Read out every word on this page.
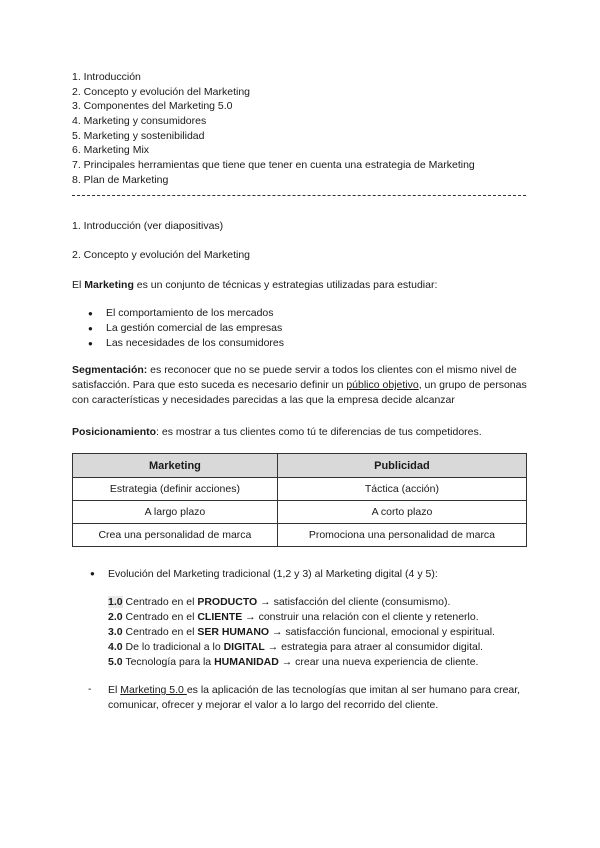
1. Introducción
2. Concepto y evolución del Marketing
3. Componentes del Marketing 5.0
4. Marketing y consumidores
5. Marketing y sostenibilidad
6. Marketing Mix
7. Principales herramientas que tiene que tener en cuenta una estrategia de Marketing
8. Plan de Marketing
1. Introducción (ver diapositivas)
2. Concepto y evolución del Marketing
El Marketing es un conjunto de técnicas y estrategias utilizadas para estudiar:
● El comportamiento de los mercados
● La gestión comercial de las empresas
● Las necesidades de los consumidores
Segmentación: es reconocer que no se puede servir a todos los clientes con el mismo nivel de satisfacción. Para que esto suceda es necesario definir un público objetivo, un grupo de personas con características y necesidades parecidas a las que la empresa decide alcanzar
Posicionamiento: es mostrar a tus clientes como tú te diferencias de tus competidores.
Marketing	Publicidad
Estrategia (definir acciones)	Táctica (acción)
A largo plazo	A corto plazo
Crea una personalidad de marca	Promociona una personalidad de marca
● Evolución del Marketing tradicional (1,2 y 3) al Marketing digital (4 y 5):
1.0 Centrado en el PRODUCTO → satisfacción del cliente (consumismo).
2.0 Centrado en el CLIENTE → construir una relación con el cliente y retenerlo.
3.0 Centrado en el SER HUMANO → satisfacción funcional, emocional y espiritual.
4.0 De lo tradicional a lo DIGITAL → estrategia para atraer al consumidor digital.
5.0 Tecnología para la HUMANIDAD → crear una nueva experiencia de cliente.
- El Marketing 5.0 es la aplicación de las tecnologías que imitan al ser humano para crear, comunicar, ofrecer y mejorar el valor a lo largo del recorrido del cliente.
